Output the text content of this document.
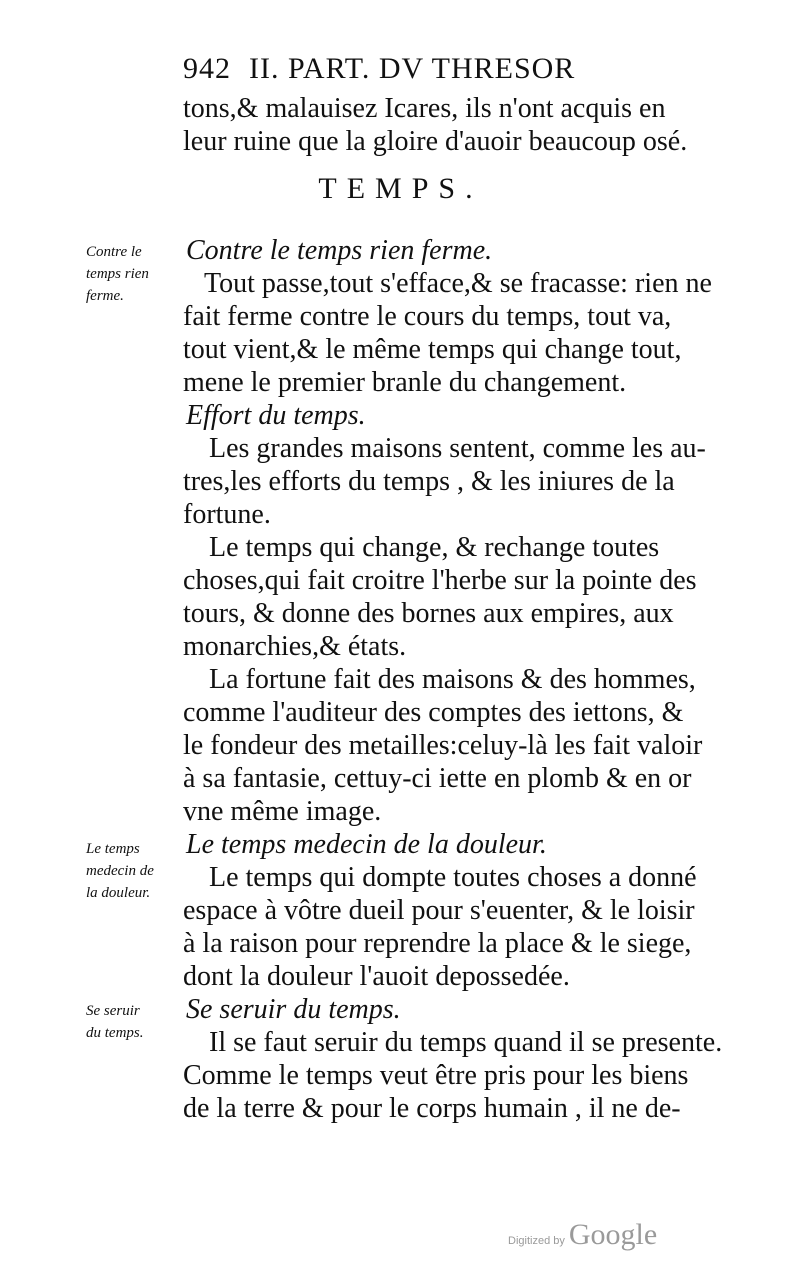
942 II. PART. DV THRESOR
tons,& malauisez Icares, ils n'ont acquis en
leur ruine que la gloire d'auoir beaucoup osé.
TEMPS.
Contre le
temps rien
ferme.
Le temps
medecin de
la douleur.
Se seruir
du temps.
Contre le temps rien ferme.
Tout passe,tout s'efface,& se fracasse: rien ne
fait ferme contre le cours du temps, tout va,
tout vient,& le même temps qui change tout,
mene le premier branle du changement.
Effort du temps.
Les grandes maisons sentent, comme les au-
tres,les efforts du temps , & les iniures de la
fortune.
Le temps qui change, & rechange toutes
choses,qui fait croitre l'herbe sur la pointe des
tours, & donne des bornes aux empires, aux
monarchies,& états.
La fortune fait des maisons & des hommes,
comme l'auditeur des comptes des iettons, &
le fondeur des metailles:celuy-là les fait valoir
à sa fantasie, cettuy-ci iette en plomb & en or
vne même image.
Le temps medecin de la douleur.
Le temps qui dompte toutes choses a donné
espace à vôtre dueil pour s'euenter, & le loisir
à la raison pour reprendre la place & le siege,
dont la douleur l'auoit depossedée.
Se seruir du temps.
Il se faut seruir du temps quand il se presente.
Comme le temps veut être pris pour les biens
de la terre & pour le corps humain , il ne de-
Digitized by Google
